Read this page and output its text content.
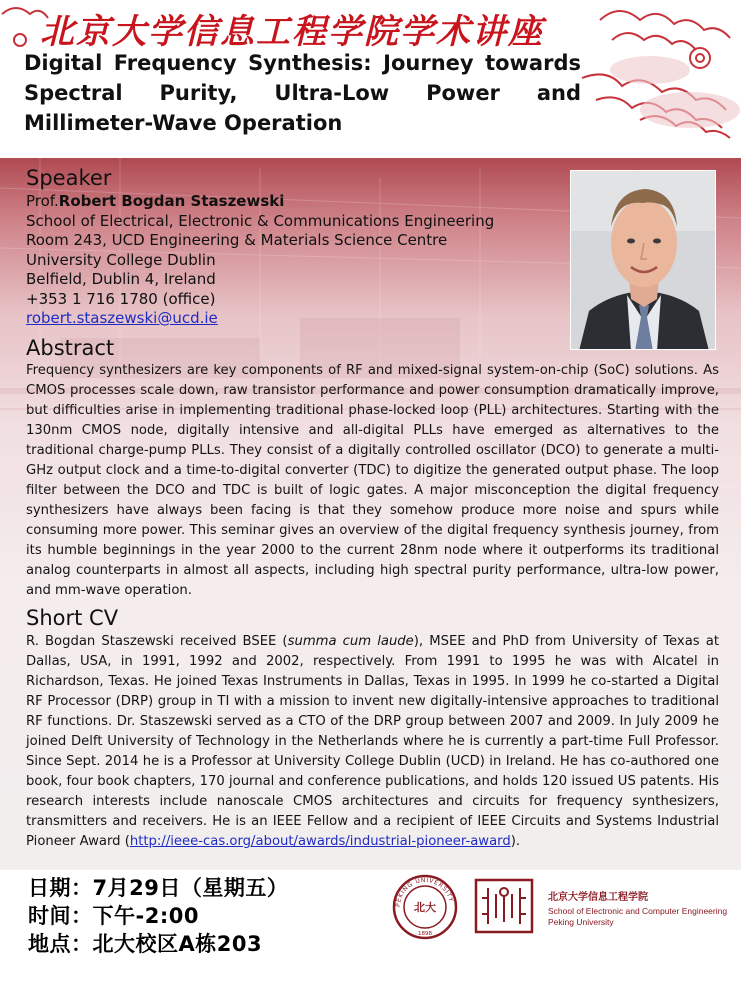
北京大学信息工程学院学术讲座
Digital Frequency Synthesis: Journey towards Spectral Purity, Ultra-Low Power and Millimeter-Wave Operation
Speaker
Prof.Robert Bogdan Staszewski
School of Electrical, Electronic & Communications Engineering
Room 243, UCD Engineering & Materials Science Centre
University College Dublin
Belfield, Dublin 4, Ireland
+353 1 716 1780 (office)
robert.staszewski@ucd.ie
Abstract
Frequency synthesizers are key components of RF and mixed-signal system-on-chip (SoC) solutions. As CMOS processes scale down, raw transistor performance and power consumption dramatically improve, but difficulties arise in implementing traditional phase-locked loop (PLL) architectures. Starting with the 130nm CMOS node, digitally intensive and all-digital PLLs have emerged as alternatives to the traditional charge-pump PLLs. They consist of a digitally controlled oscillator (DCO) to generate a multi-GHz output clock and a time-to-digital converter (TDC) to digitize the generated output phase. The loop filter between the DCO and TDC is built of logic gates. A major misconception the digital frequency synthesizers have always been facing is that they somehow produce more noise and spurs while consuming more power. This seminar gives an overview of the digital frequency synthesis journey, from its humble beginnings in the year 2000 to the current 28nm node where it outperforms its traditional analog counterparts in almost all aspects, including high spectral purity performance, ultra-low power, and mm-wave operation.
Short CV
R. Bogdan Staszewski received BSEE (summa cum laude), MSEE and PhD from University of Texas at Dallas, USA, in 1991, 1992 and 2002, respectively. From 1991 to 1995 he was with Alcatel in Richardson, Texas. He joined Texas Instruments in Dallas, Texas in 1995. In 1999 he co-started a Digital RF Processor (DRP) group in TI with a mission to invent new digitally-intensive approaches to traditional RF functions. Dr. Staszewski served as a CTO of the DRP group between 2007 and 2009. In July 2009 he joined Delft University of Technology in the Netherlands where he is currently a part-time Full Professor. Since Sept. 2014 he is a Professor at University College Dublin (UCD) in Ireland. He has co-authored one book, four book chapters, 170 journal and conference publications, and holds 120 issued US patents. His research interests include nanoscale CMOS architectures and circuits for frequency synthesizers, transmitters and receivers. He is an IEEE Fellow and a recipient of IEEE Circuits and Systems Industrial Pioneer Award (http://ieee-cas.org/about/awards/industrial-pioneer-award).
日期：7月29日（星期五）
时间：下午-2:00
地点：北大校区A栋203
PEKING UNIVERSITY
北大
1898
北京大学信息工程学院
School of Electronic and Computer Engineering
Peking University
